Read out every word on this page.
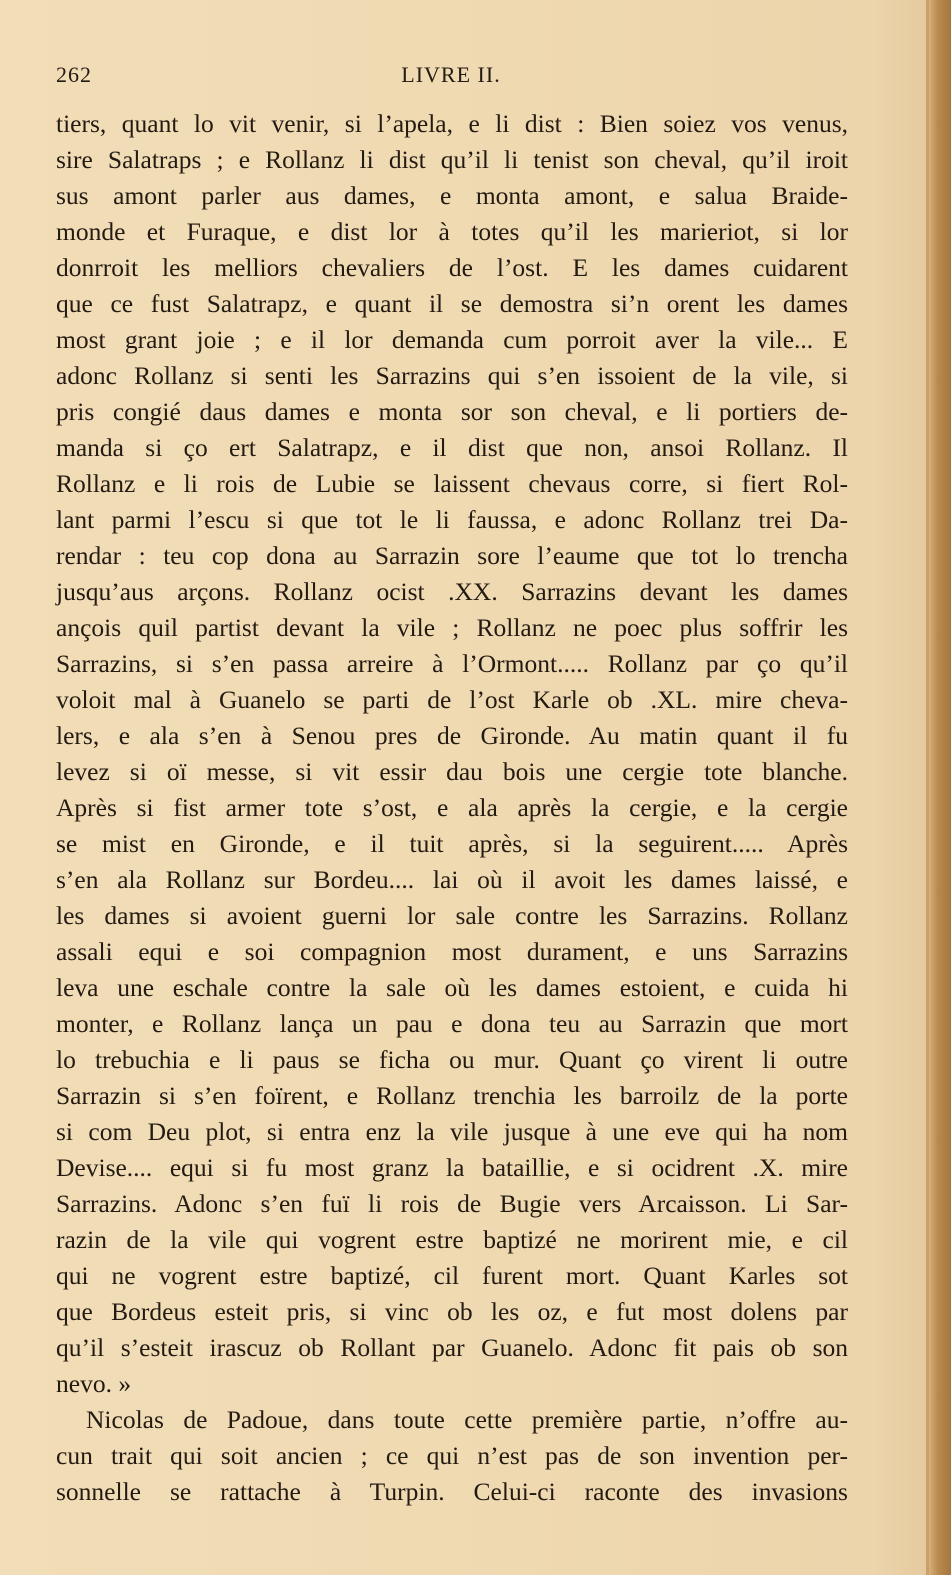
262	LIVRE II.
tiers, quant lo vit venir, si l’apela, e li dist : Bien soiez vos venus,
sire Salatraps ; e Rollanz li dist qu’il li tenist son cheval, qu’il iroit
sus amont parler aus dames, e monta amont, e salua Braide-
monde et Furaque, e dist lor à totes qu’il les marieriot, si lor
donrroit les melliors chevaliers de l’ost. E les dames cuidarent
que ce fust Salatrapz, e quant il se demostra si’n orent les dames
most grant joie ; e il lor demanda cum porroit aver la vile... E
adonc Rollanz si senti les Sarrazins qui s’en issoient de la vile, si
pris congié daus dames e monta sor son cheval, e li portiers de-
manda si ço ert Salatrapz, e il dist que non, ansoi Rollanz. Il
Rollanz e li rois de Lubie se laissent chevaus corre, si fiert Rol-
lant parmi l’escu si que tot le li faussa, e adonc Rollanz trei Da-
rendar : teu cop dona au Sarrazin sore l’eaume que tot lo trencha
jusqu’aus arçons. Rollanz ocist .XX. Sarrazins devant les dames
ançois quil partist devant la vile ; Rollanz ne poec plus soffrir les
Sarrazins, si s’en passa arreire à l’Ormont..... Rollanz par ço qu’il
voloit mal à Guanelo se parti de l’ost Karle ob .XL. mire cheva-
lers, e ala s’en à Senou pres de Gironde. Au matin quant il fu
levez si oï messe, si vit essir dau bois une cergie tote blanche.
Après si fist armer tote s’ost, e ala après la cergie, e la cergie
se mist en Gironde, e il tuit après, si la seguirent..... Après
s’en ala Rollanz sur Bordeu.... lai où il avoit les dames laissé, e
les dames si avoient guerni lor sale contre les Sarrazins. Rollanz
assali equi e soi compagnion most durament, e uns Sarrazins
leva une eschale contre la sale où les dames estoient, e cuida hi
monter, e Rollanz lança un pau e dona teu au Sarrazin que mort
lo trebuchia e li paus se ficha ou mur. Quant ço virent li outre
Sarrazin si s’en foïrent, e Rollanz trenchia les barroilz de la porte
si com Deu plot, si entra enz la vile jusque à une eve qui ha nom
Devise.... equi si fu most granz la bataillie, e si ocidrent .X. mire
Sarrazins. Adonc s’en fuï li rois de Bugie vers Arcaisson. Li Sar-
razin de la vile qui vogrent estre baptizé ne morirent mie, e cil
qui ne vogrent estre baptizé, cil furent mort. Quant Karles sot
que Bordeus esteit pris, si vinc ob les oz, e fut most dolens par
qu’il s’esteit irascuz ob Rollant par Guanelo. Adonc fit pais ob son
nevo. »
Nicolas de Padoue, dans toute cette première partie, n’offre au-
cun trait qui soit ancien ; ce qui n’est pas de son invention per-
sonnelle se rattache à Turpin. Celui-ci raconte des invasions
